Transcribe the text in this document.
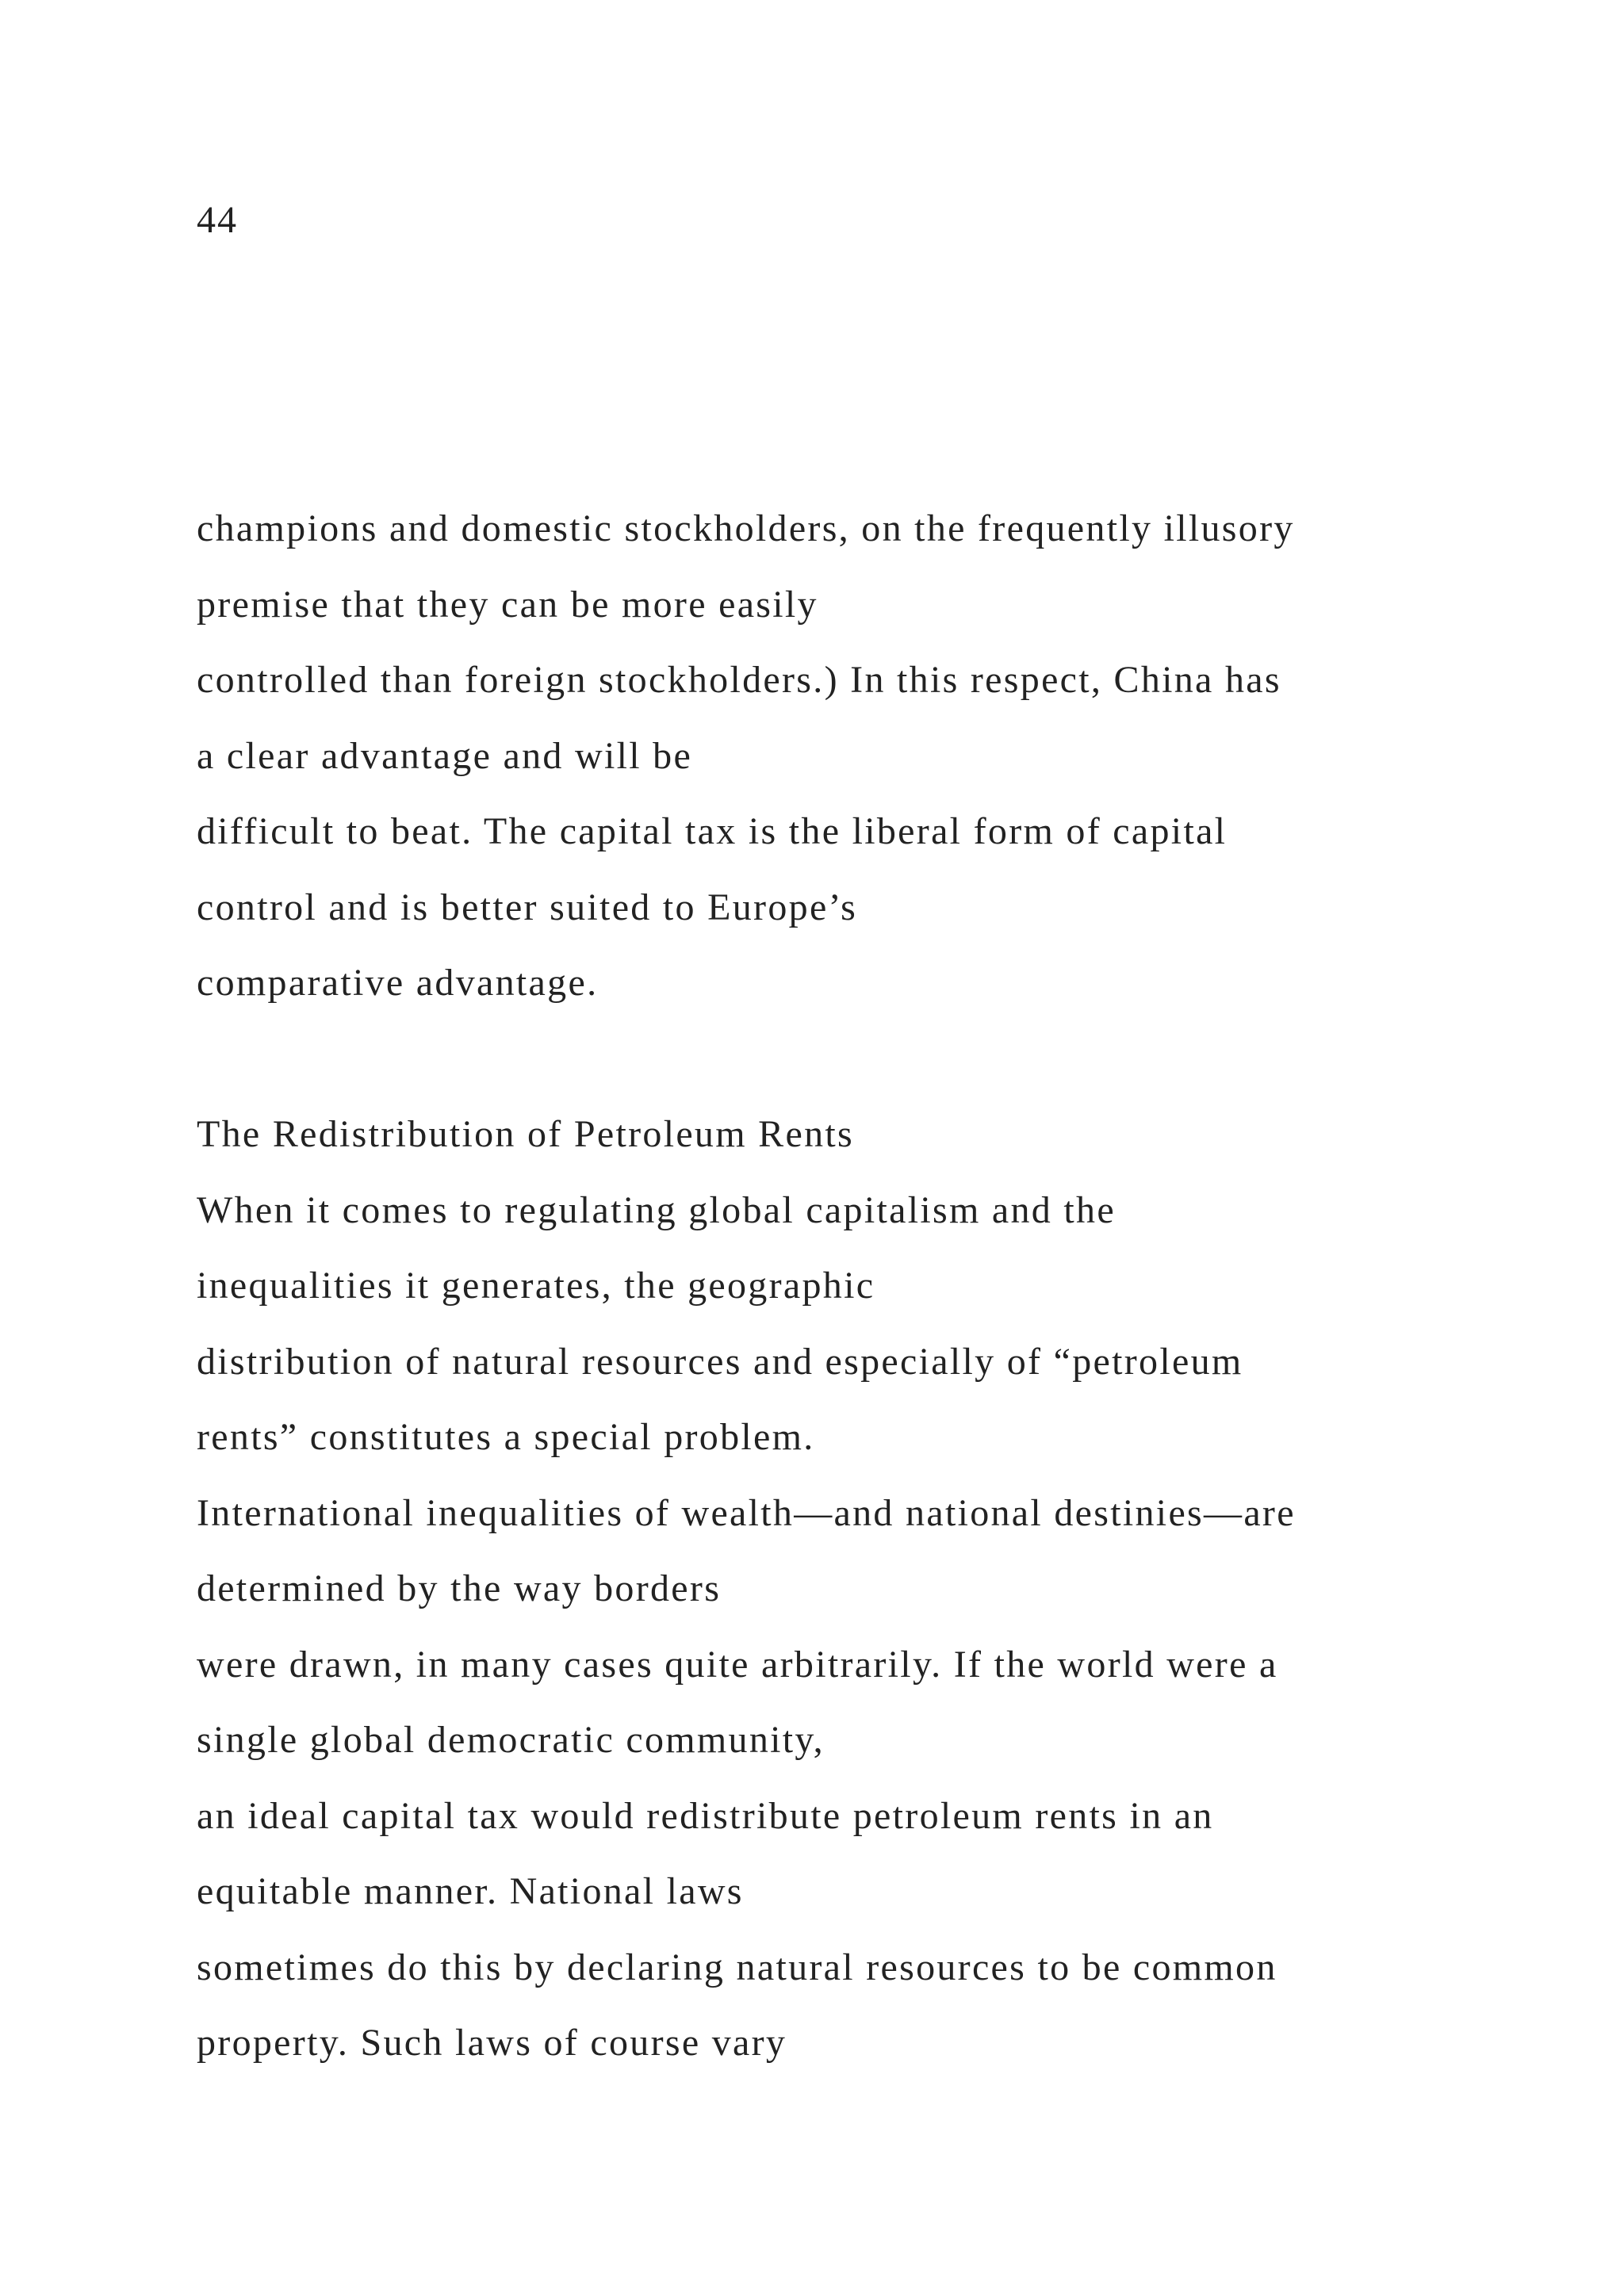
44
champions and domestic stockholders, on the frequently illusory
premise that they can be more easily
controlled than foreign stockholders.) In this respect, China has
a clear advantage and will be
difficult to beat. The capital tax is the liberal form of capital
control and is better suited to Europe’s
comparative advantage.
The Redistribution of Petroleum Rents
When it comes to regulating global capitalism and the
inequalities it generates, the geographic
distribution of natural resources and especially of “petroleum
rents” constitutes a special problem.
International inequalities of wealth—and national destinies—are
determined by the way borders
were drawn, in many cases quite arbitrarily. If the world were a
single global democratic community,
an ideal capital tax would redistribute petroleum rents in an
equitable manner. National laws
sometimes do this by declaring natural resources to be common
property. Such laws of course vary
